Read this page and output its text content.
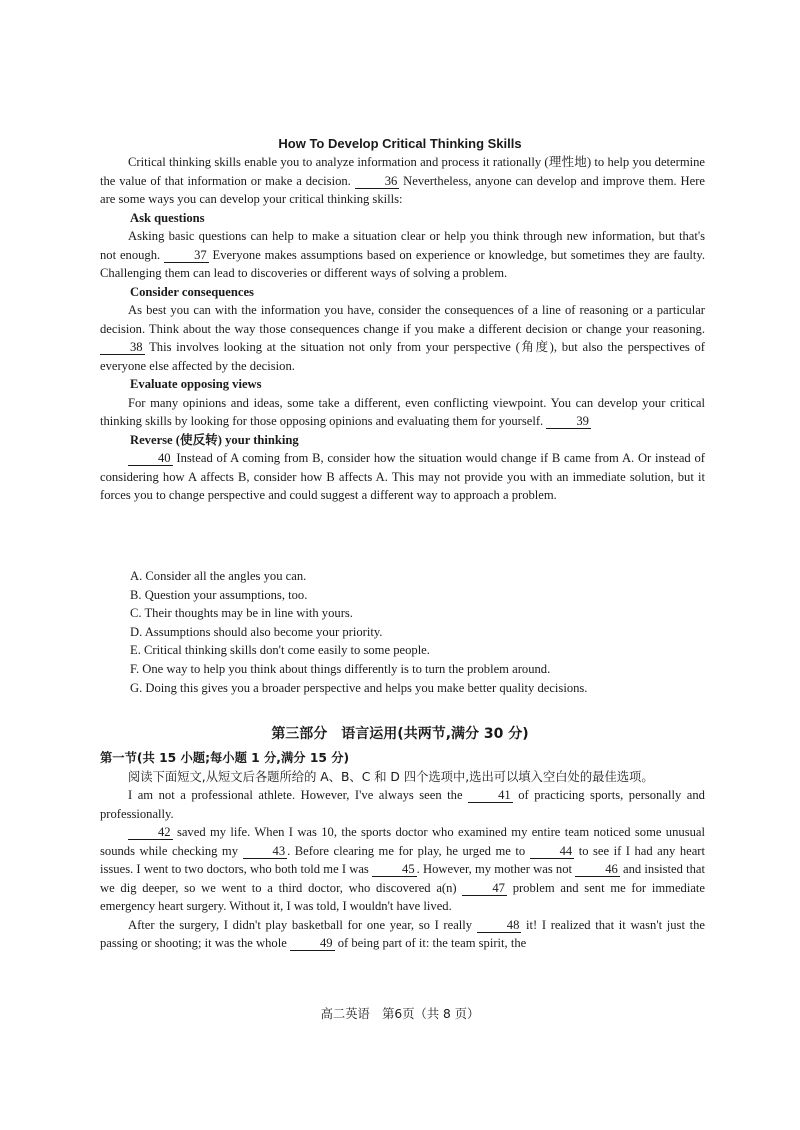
How To Develop Critical Thinking Skills

Critical thinking skills enable you to analyze information and process it rationally (理性地) to help you determine the value of that information or make a decision.	36 Nevertheless, anyone can develop and improve them. Here are some ways you can develop your critical thinking skills:

Ask questions

Asking basic questions can help to make a situation clear or help you think through new information, but that's not enough.	37 Everyone makes assumptions based on experience or knowledge, but sometimes they are faulty. Challenging them can lead to discoveries or different ways of solving a problem.

Consider consequences

As best you can with the information you have, consider the consequences of a line of reasoning or a particular decision. Think about the way those consequences change if you make a different decision or change your reasoning. 38 This involves looking at the situation not only from your perspective (角度), but also the perspectives of everyone else affected by the decision.

Evaluate opposing views

For many opinions and ideas, some take a different, even conflicting viewpoint. You can develop your critical thinking skills by looking for those opposing opinions and evaluating them for yourself.	39

Reverse (使反转) your thinking

40 Instead of A coming from B, consider how the situation would change if B came from A. Or instead of considering how A affects B, consider how B affects A. This may not provide you with an immediate solution, but it forces you to change perspective and could suggest a different way to approach a problem.

A. Consider all the angles you can.
B. Question your assumptions, too.
C. Their thoughts may be in line with yours.
D. Assumptions should also become your priority.
E. Critical thinking skills don't come easily to some people.
F. One way to help you think about things differently is to turn the problem around.
G. Doing this gives you a broader perspective and helps you make better quality decisions.
第三部分　语言运用(共两节,满分 30 分)

第一节(共 15 小题;每小题 1 分,满分 15 分)

阅读下面短文,从短文后各题所给的 A、B、C 和 D 四个选项中,选出可以填入空白处的最佳选项。

I am not a professional athlete. However, I've always seen the	41 of practicing sports, personally and professionally.

42 saved my life. When I was 10, the sports doctor who examined my entire team noticed some unusual sounds while checking my	43 . Before clearing me for play, he urged me to	44 to see if I had any heart issues. I went to two doctors, who both told me I was	45 . However, my mother was not	46 and insisted that we dig deeper, so we went to a third doctor, who discovered a(n)	47 problem and sent me for immediate emergency heart surgery. Without it, I was told, I wouldn't have lived.

After the surgery, I didn't play basketball for one year, so I really	48 it! I realized that it wasn't just the passing or shooting; it was the whole	49 of being part of it: the team spirit, the

高二英语　第6页（共 8 页）
